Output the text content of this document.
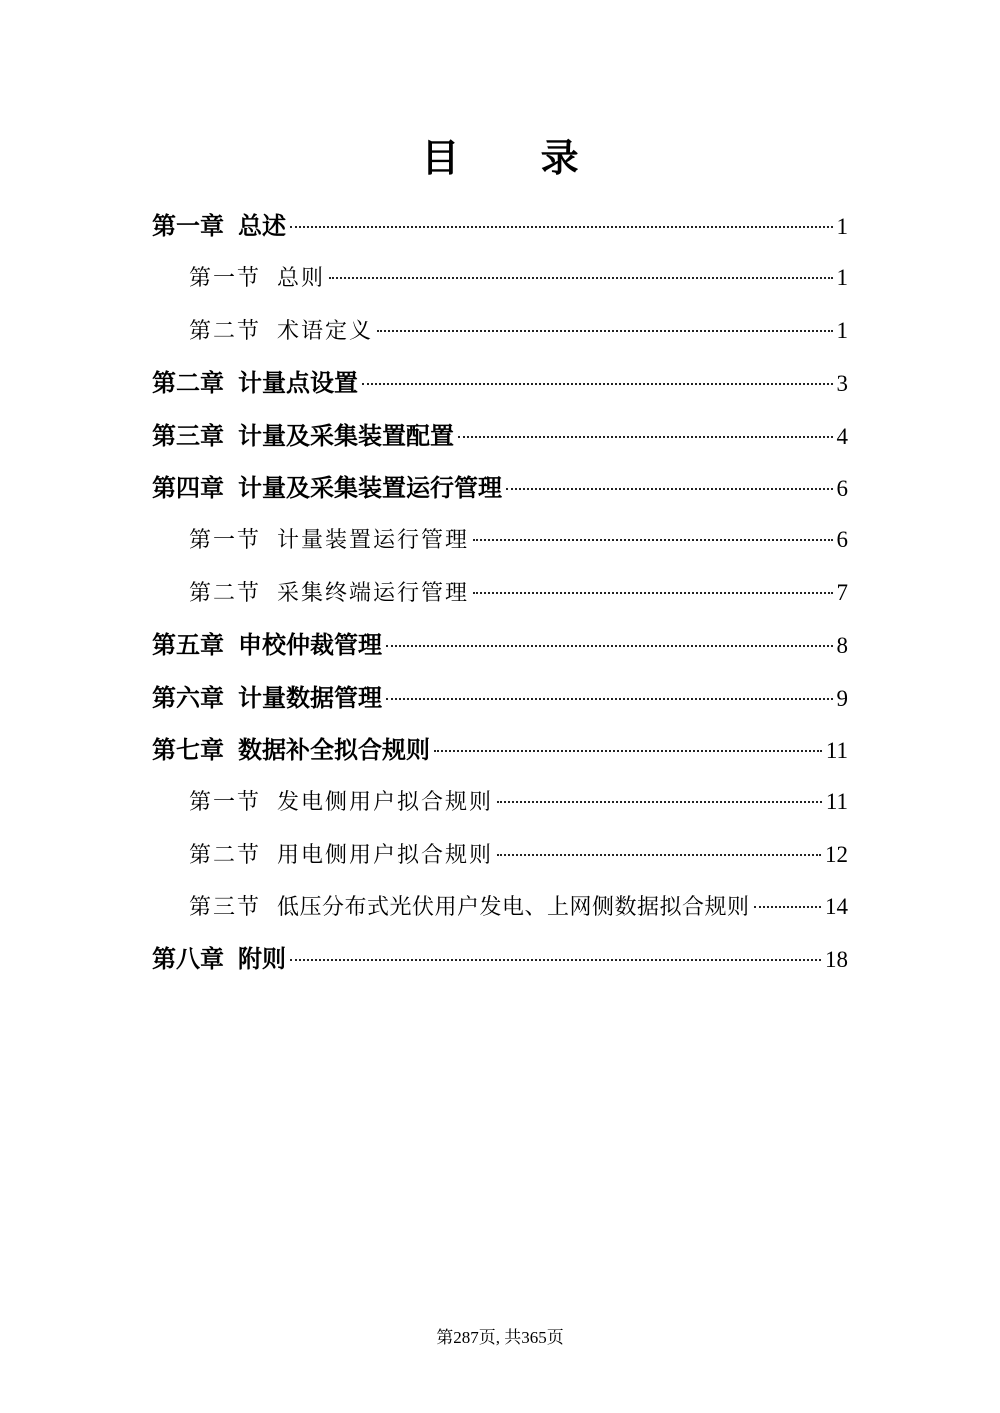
目 录
第一章 总述	1
第一节 总则	1
第二节 术语定义	1
第二章 计量点设置	3
第三章 计量及采集装置配置	4
第四章 计量及采集装置运行管理	6
第一节 计量装置运行管理	6
第二节 采集终端运行管理	7
第五章 申校仲裁管理	8
第六章 计量数据管理	9
第七章 数据补全拟合规则	11
第一节 发电侧用户拟合规则	11
第二节 用电侧用户拟合规则	12
第三节 低压分布式光伏用户发电、上网侧数据拟合规则	14
第八章 附则	18
第287页, 共365页
